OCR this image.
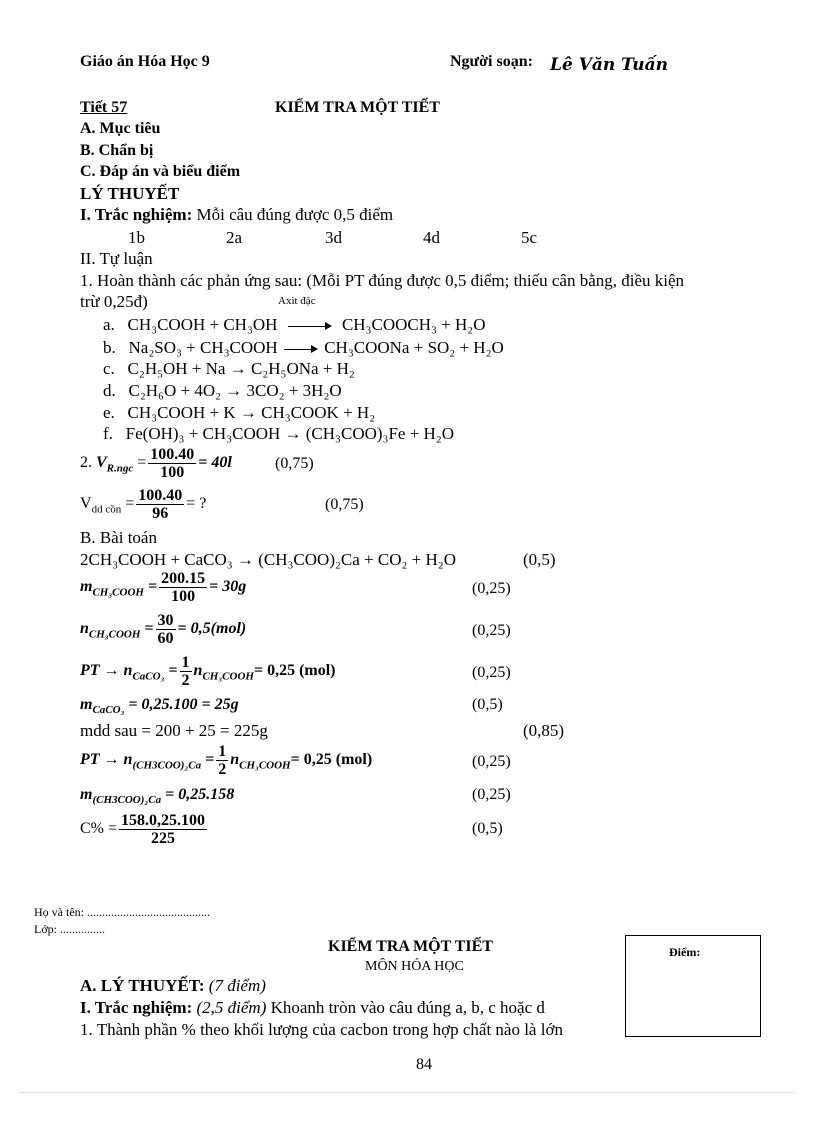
Giáo án Hóa Học 9	Người soạn: Lê Văn Tuấn
Tiết 57	KIỂM TRA MỘT TIẾT
A. Mục tiêu
B. Chẩn bị
C. Đáp án và biểu điểm
LÝ THUYẾT
I. Trắc nghiệm: Mỗi câu đúng được 0,5 điểm
1b	2a	3d	4d	5c
II. Tự luận
1. Hoàn thành các phản ứng sau: (Mỗi PT đúng được 0,5 điểm; thiếu cân bằng, điều kiện
trừ 0,25đ)	Axit đặc
a. CH₃COOH + CH₃OH	CH₃COOCH₃ + H₂O
b. Na₂SO₃ + CH₃COOH	CH₃COONa + SO₂ + H₂O
c. C₂H₅OH + Na → C₂H₅ONa + H₂
d. C₂H₆O + 4O₂ → 3CO₂ + 3H₂O
e. CH₃COOH + K → CH₃COOK + H₂
f. Fe(OH)₃ + CH₃COOH → (CH₃COO)₃Fe + H₂O
2. $V_{R.ngc} = \frac{100.40}{100} = 40l$	(0,75)
$V_{dd cồn} = \frac{100.40}{96}$ = ?	(0,75)
B. Bài toán
2CH₃COOH + CaCO₃ → (CH₃COO)₂Ca + CO₂ + H₂O	(0,5)
$m_{CH_3COOH} = \frac{200.15}{100} = 30g$	(0,25)
$n_{CH_3COOH} = \frac{30}{60} = 0,5(mol)$	(0,25)
PT → $n_{CaCO_3} = \frac{1}{2} n_{CH_3COOH}= 0,25$ (mol)	(0,25)
$m_{CaCO_3} = 0,25.100 = 25g$	(0,5)
mdd sau = 200 + 25 = 225g	(0,85)
PT → $n_{(CH3COO)_2Ca} = \frac{1}{2} n_{CH_3COOH}= 0,25$ (mol)	(0,25)
$m_{(CH3COO)_2Ca} = 0,25.158$	(0,25)
$C\% = \frac{158.0,25.100}{225}$	(0,5)
Họ và tên: .........................................
Lớp: ...............
KIỂM TRA MỘT TIẾT
MÔN HÓA HỌC
Điểm:
A. LÝ THUYẾT: (7 điểm)
I. Trắc nghiệm: (2,5 điểm) Khoanh tròn vào câu đúng a, b, c hoặc d
1. Thành phần % theo khối lượng của cacbon trong hợp chất nào là lớn
84
